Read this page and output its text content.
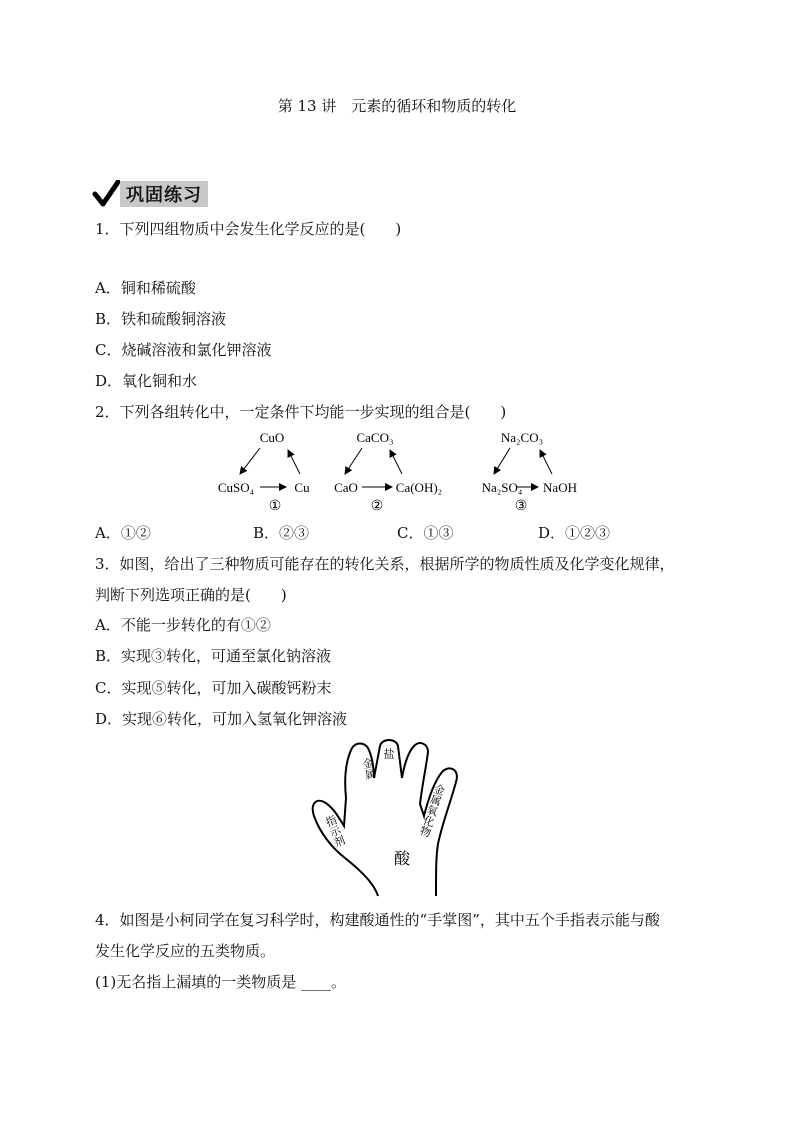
第 13 讲　元素的循环和物质的转化
巩固练习
1．下列四组物质中会发生化学反应的是(　　)
A．铜和稀硫酸
B．铁和硫酸铜溶液
C．烧碱溶液和氯化钾溶液
D．氧化铜和水
2．下列各组转化中，一定条件下均能一步实现的组合是(　　)
CuO
CuSO₄	Cu
①
CaCO₃
CaO	Ca(OH)₂
②
Na₂CO₃
Na₂SO₄ NaOH
③
A．①②	B．②③	C．①③	D．①②③
3．如图，给出了三种物质可能存在的转化关系，根据所学的物质性质及化学变化规律，
判断下列选项正确的是(　　)
A．不能一步转化的有①②
B．实现③转化，可通至氯化钠溶液
C．实现⑤转化，可加入碳酸钙粉末
D．实现⑥转化，可加入氢氧化钾溶液
酸
指示剂
金属
盐
金属氧化物
4．如图是小柯同学在复习科学时，构建酸通性的“手掌图”，其中五个手指表示能与酸
发生化学反应的五类物质。
(1)无名指上漏填的一类物质是 ____。
